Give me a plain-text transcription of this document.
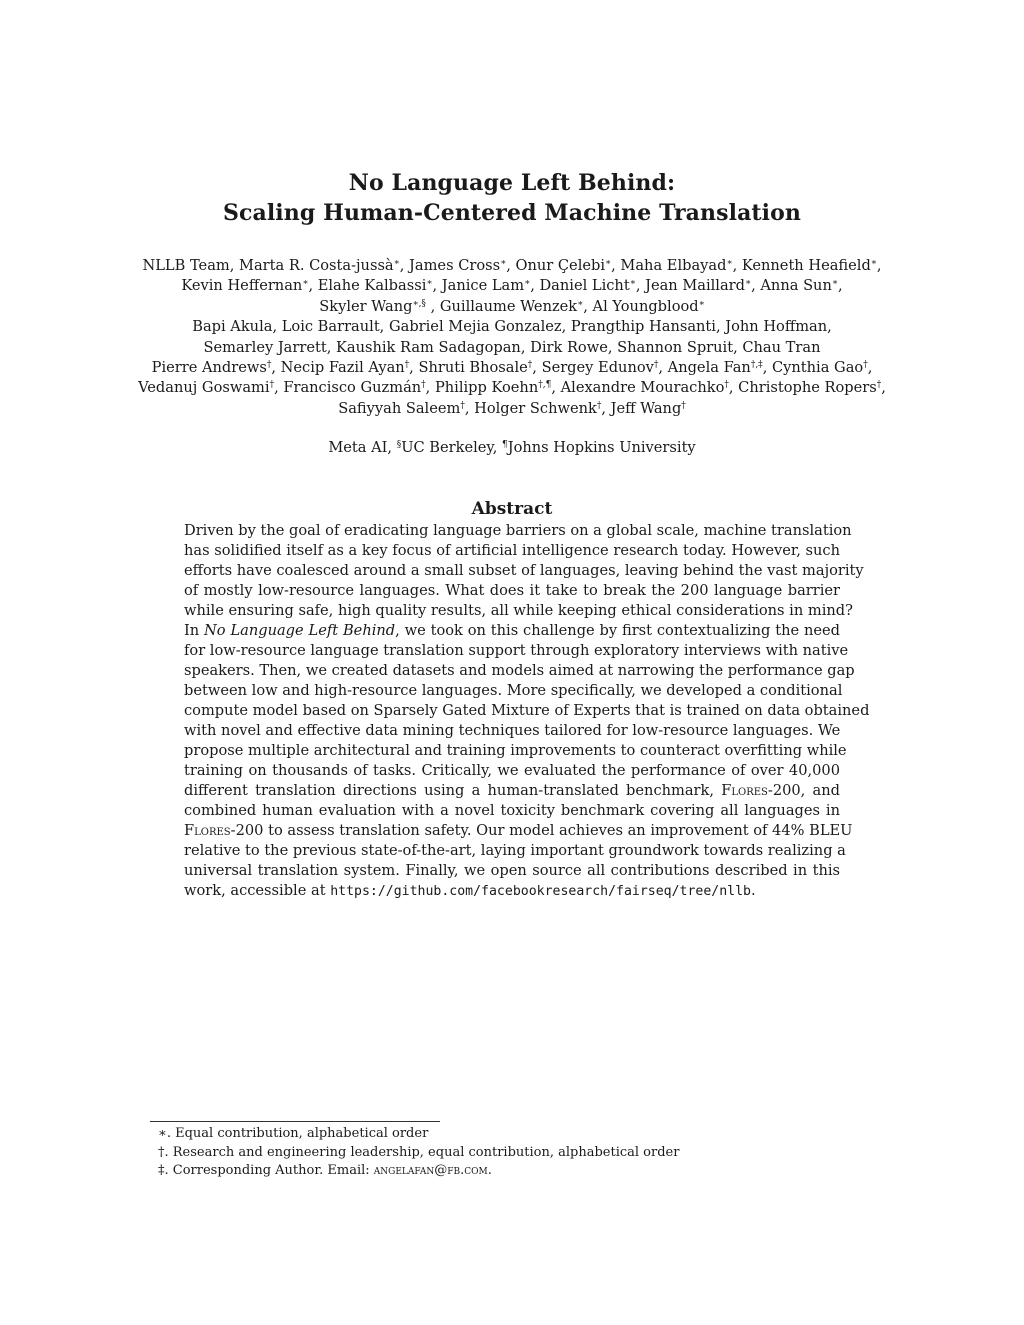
No Language Left Behind:
Scaling Human-Centered Machine Translation
NLLB Team, Marta R. Costa-jussà∗, James Cross∗, Onur Çelebi∗, Maha Elbayad∗, Kenneth Heafield∗,
Kevin Heffernan∗, Elahe Kalbassi∗, Janice Lam∗, Daniel Licht∗, Jean Maillard∗, Anna Sun∗,
Skyler Wang∗,§ , Guillaume Wenzek∗, Al Youngblood∗
Bapi Akula, Loic Barrault, Gabriel Mejia Gonzalez, Prangthip Hansanti, John Hoffman,
Semarley Jarrett, Kaushik Ram Sadagopan, Dirk Rowe, Shannon Spruit, Chau Tran
Pierre Andrews†, Necip Fazil Ayan†, Shruti Bhosale†, Sergey Edunov†, Angela Fan†,‡, Cynthia Gao†,
Vedanuj Goswami†, Francisco Guzmán†, Philipp Koehn†,¶, Alexandre Mourachko†, Christophe Ropers†,
Safiyyah Saleem†, Holger Schwenk†, Jeff Wang†
Meta AI, §UC Berkeley, ¶Johns Hopkins University
Abstract
Driven by the goal of eradicating language barriers on a global scale, machine translation
has solidified itself as a key focus of artificial intelligence research today. However, such
efforts have coalesced around a small subset of languages, leaving behind the vast majority
of mostly low-resource languages. What does it take to break the 200 language barrier
while ensuring safe, high quality results, all while keeping ethical considerations in mind?
In No Language Left Behind, we took on this challenge by first contextualizing the need
for low-resource language translation support through exploratory interviews with native
speakers. Then, we created datasets and models aimed at narrowing the performance gap
between low and high-resource languages. More specifically, we developed a conditional
compute model based on Sparsely Gated Mixture of Experts that is trained on data obtained
with novel and effective data mining techniques tailored for low-resource languages. We
propose multiple architectural and training improvements to counteract overfitting while
training on thousands of tasks. Critically, we evaluated the performance of over 40,000
different translation directions using a human-translated benchmark, Flores-200, and
combined human evaluation with a novel toxicity benchmark covering all languages in
Flores-200 to assess translation safety. Our model achieves an improvement of 44% BLEU
relative to the previous state-of-the-art, laying important groundwork towards realizing a
universal translation system. Finally, we open source all contributions described in this
work, accessible at https://github.com/facebookresearch/fairseq/tree/nllb.
∗. Equal contribution, alphabetical order
†. Research and engineering leadership, equal contribution, alphabetical order
‡. Corresponding Author. Email: angelafan@fb.com.
